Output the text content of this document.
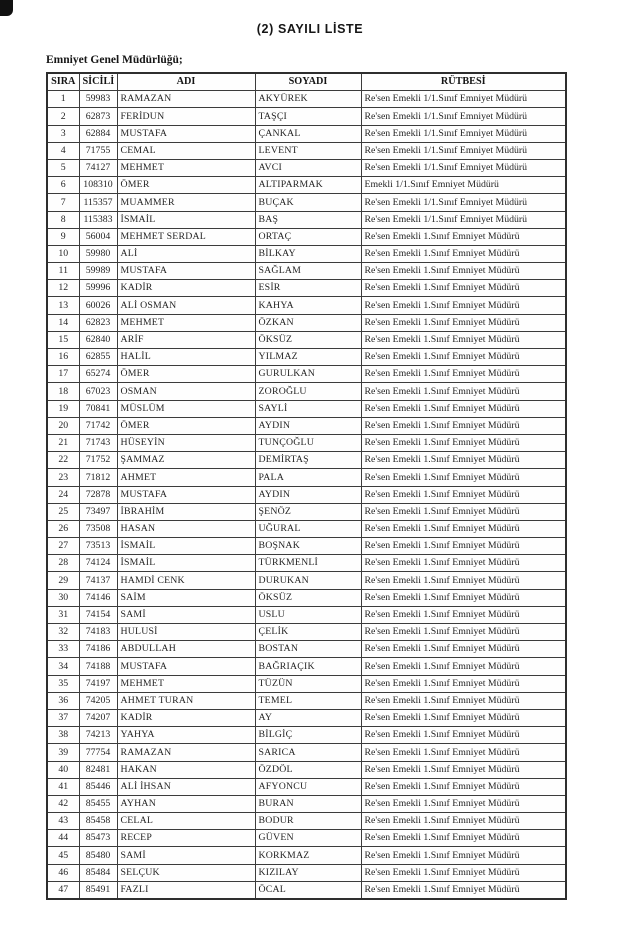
(2) SAYILI LİSTE
Emniyet Genel Müdürlüğü;
SIRA	SİCİLİ	ADI	SOYADI	RÜTBESİ
1	59983	RAMAZAN	AKYÜREK	Re'sen Emekli 1/1.Sınıf Emniyet Müdürü
2	62873	FERİDUN	TAŞÇI	Re'sen Emekli 1/1.Sınıf Emniyet Müdürü
3	62884	MUSTAFA	ÇANKAL	Re'sen Emekli 1/1.Sınıf Emniyet Müdürü
4	71755	CEMAL	LEVENT	Re'sen Emekli 1/1.Sınıf Emniyet Müdürü
5	74127	MEHMET	AVCI	Re'sen Emekli 1/1.Sınıf Emniyet Müdürü
6	108310	ÖMER	ALTIPARMAK	Emekli 1/1.Sınıf Emniyet Müdürü
7	115357	MUAMMER	BUÇAK	Re'sen Emekli 1/1.Sınıf Emniyet Müdürü
8	115383	İSMAİL	BAŞ	Re'sen Emekli 1/1.Sınıf Emniyet Müdürü
9	56004	MEHMET SERDAL	ORTAÇ	Re'sen Emekli 1.Sınıf Emniyet Müdürü
10	59980	ALİ	BİLKAY	Re'sen Emekli 1.Sınıf Emniyet Müdürü
11	59989	MUSTAFA	SAĞLAM	Re'sen Emekli 1.Sınıf Emniyet Müdürü
12	59996	KADİR	ESİR	Re'sen Emekli 1.Sınıf Emniyet Müdürü
13	60026	ALİ OSMAN	KAHYA	Re'sen Emekli 1.Sınıf Emniyet Müdürü
14	62823	MEHMET	ÖZKAN	Re'sen Emekli 1.Sınıf Emniyet Müdürü
15	62840	ARİF	ÖKSÜZ	Re'sen Emekli 1.Sınıf Emniyet Müdürü
16	62855	HALİL	YILMAZ	Re'sen Emekli 1.Sınıf Emniyet Müdürü
17	65274	ÖMER	GURULKAN	Re'sen Emekli 1.Sınıf Emniyet Müdürü
18	67023	OSMAN	ZOROĞLU	Re'sen Emekli 1.Sınıf Emniyet Müdürü
19	70841	MÜSLÜM	SAYLİ	Re'sen Emekli 1.Sınıf Emniyet Müdürü
20	71742	ÖMER	AYDIN	Re'sen Emekli 1.Sınıf Emniyet Müdürü
21	71743	HÜSEYİN	TUNÇOĞLU	Re'sen Emekli 1.Sınıf Emniyet Müdürü
22	71752	ŞAMMAZ	DEMİRTAŞ	Re'sen Emekli 1.Sınıf Emniyet Müdürü
23	71812	AHMET	PALA	Re'sen Emekli 1.Sınıf Emniyet Müdürü
24	72878	MUSTAFA	AYDIN	Re'sen Emekli 1.Sınıf Emniyet Müdürü
25	73497	İBRAHİM	ŞENÖZ	Re'sen Emekli 1.Sınıf Emniyet Müdürü
26	73508	HASAN	UĞURAL	Re'sen Emekli 1.Sınıf Emniyet Müdürü
27	73513	İSMAİL	BOŞNAK	Re'sen Emekli 1.Sınıf Emniyet Müdürü
28	74124	İSMAİL	TÜRKMENLİ	Re'sen Emekli 1.Sınıf Emniyet Müdürü
29	74137	HAMDİ CENK	DURUKAN	Re'sen Emekli 1.Sınıf Emniyet Müdürü
30	74146	SAİM	ÖKSÜZ	Re'sen Emekli 1.Sınıf Emniyet Müdürü
31	74154	SAMİ	USLU	Re'sen Emekli 1.Sınıf Emniyet Müdürü
32	74183	HULUSİ	ÇELİK	Re'sen Emekli 1.Sınıf Emniyet Müdürü
33	74186	ABDULLAH	BOSTAN	Re'sen Emekli 1.Sınıf Emniyet Müdürü
34	74188	MUSTAFA	BAĞRIAÇIK	Re'sen Emekli 1.Sınıf Emniyet Müdürü
35	74197	MEHMET	TÜZÜN	Re'sen Emekli 1.Sınıf Emniyet Müdürü
36	74205	AHMET TURAN	TEMEL	Re'sen Emekli 1.Sınıf Emniyet Müdürü
37	74207	KADİR	AY	Re'sen Emekli 1.Sınıf Emniyet Müdürü
38	74213	YAHYA	BİLGİÇ	Re'sen Emekli 1.Sınıf Emniyet Müdürü
39	77754	RAMAZAN	SARICA	Re'sen Emekli 1.Sınıf Emniyet Müdürü
40	82481	HAKAN	ÖZDÖL	Re'sen Emekli 1.Sınıf Emniyet Müdürü
41	85446	ALİ İHSAN	AFYONCU	Re'sen Emekli 1.Sınıf Emniyet Müdürü
42	85455	AYHAN	BURAN	Re'sen Emekli 1.Sınıf Emniyet Müdürü
43	85458	CELAL	BODUR	Re'sen Emekli 1.Sınıf Emniyet Müdürü
44	85473	RECEP	GÜVEN	Re'sen Emekli 1.Sınıf Emniyet Müdürü
45	85480	SAMİ	KORKMAZ	Re'sen Emekli 1.Sınıf Emniyet Müdürü
46	85484	SELÇUK	KIZILAY	Re'sen Emekli 1.Sınıf Emniyet Müdürü
47	85491	FAZLI	ÖCAL	Re'sen Emekli 1.Sınıf Emniyet Müdürü
